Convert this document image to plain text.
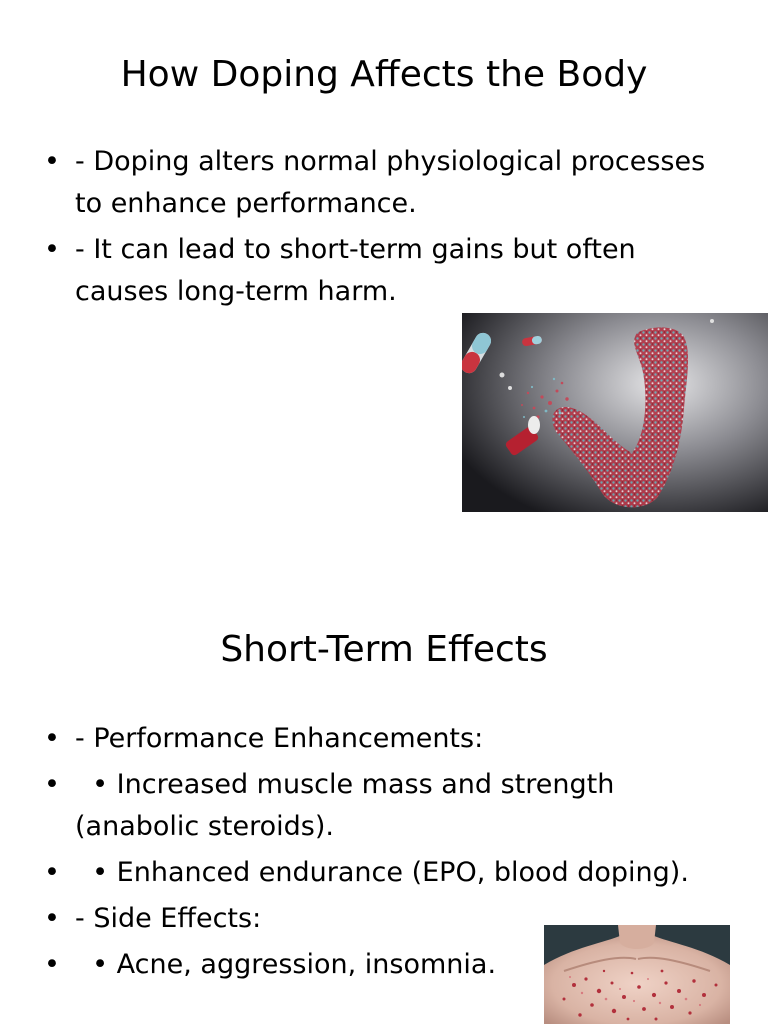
How Doping Affects the Body
• - Doping alters normal physiological processes to enhance performance.
• - It can lead to short-term gains but often causes long-term harm.
Short-Term Effects
• - Performance Enhancements:
• • Increased muscle mass and strength (anabolic steroids).
• • Enhanced endurance (EPO, blood doping).
• - Side Effects:
• • Acne, aggression, insomnia.
